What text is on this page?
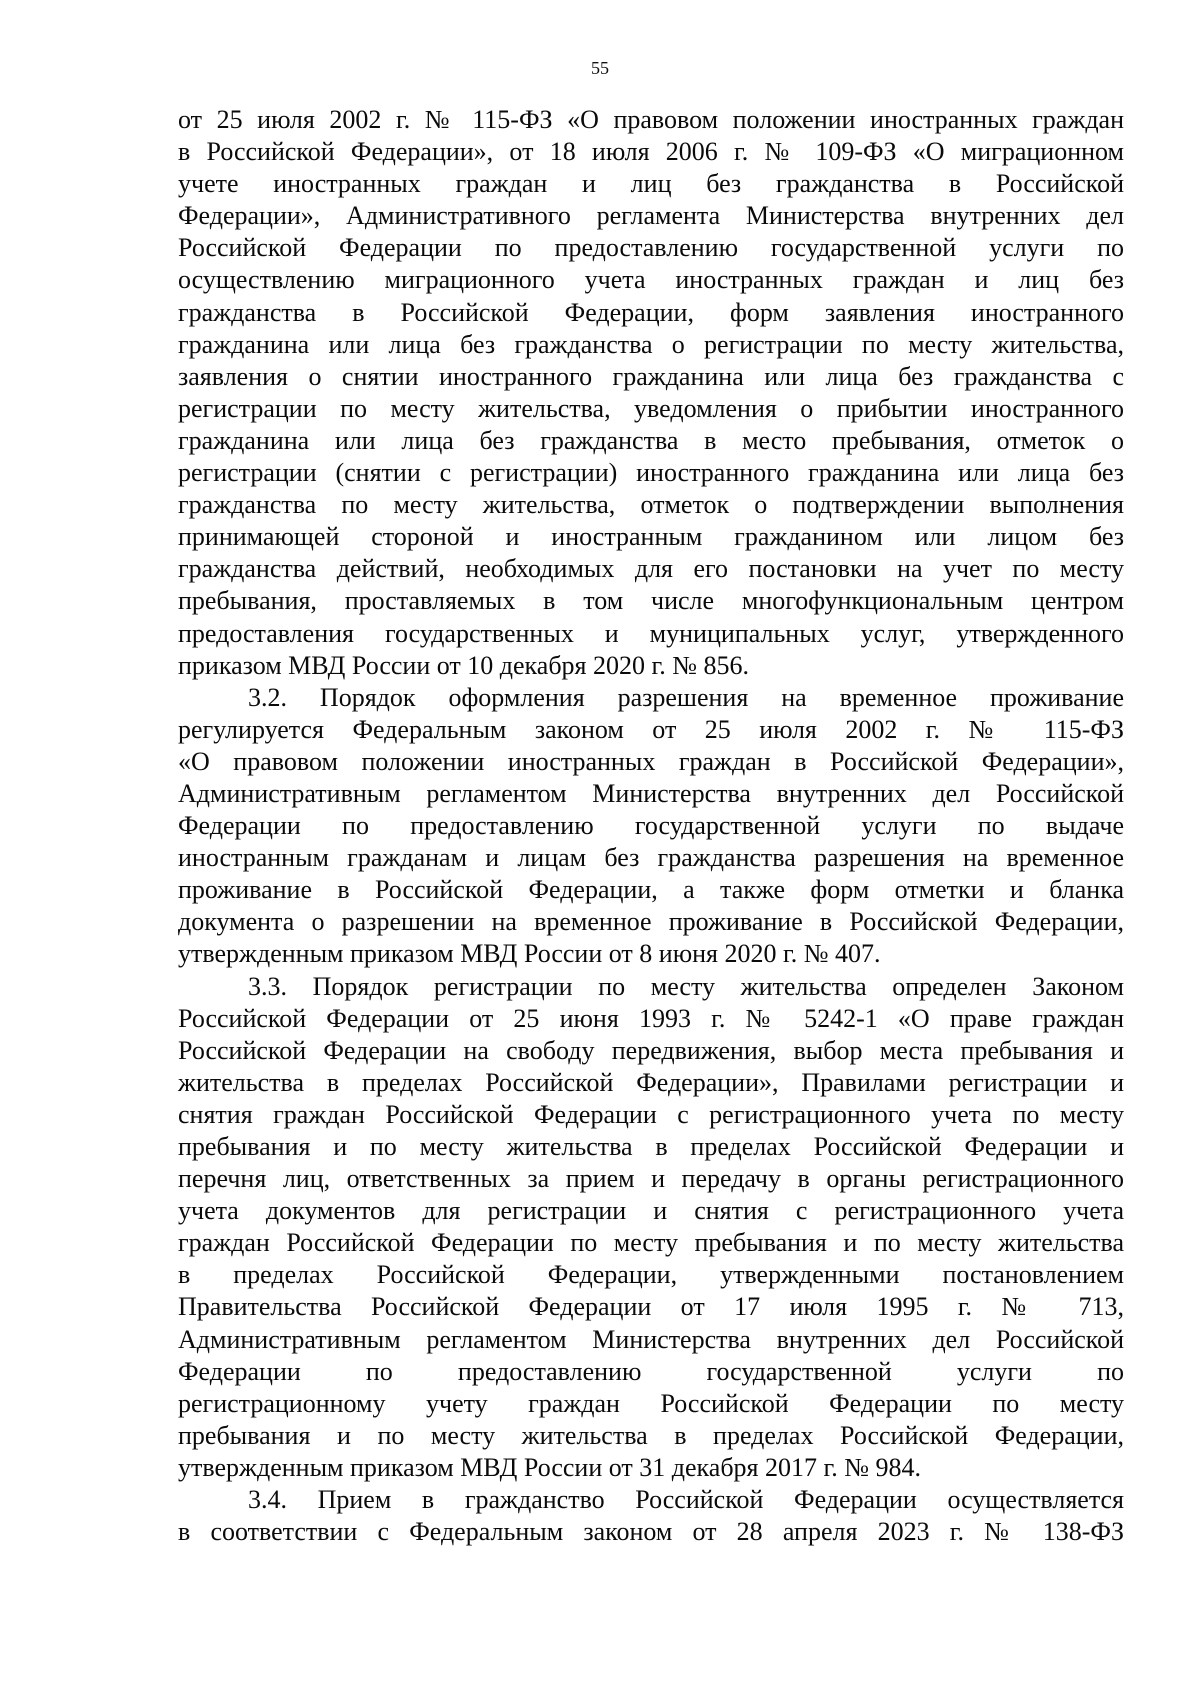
55
от 25 июля 2002 г. № 115-ФЗ «О правовом положении иностранных граждан
в Российской Федерации», от 18 июля 2006 г. № 109-ФЗ «О миграционном
учете иностранных граждан и лиц без гражданства в Российской
Федерации», Административного регламента Министерства внутренних дел
Российской Федерации по предоставлению государственной услуги по
осуществлению миграционного учета иностранных граждан и лиц без
гражданства в Российской Федерации, форм заявления иностранного
гражданина или лица без гражданства о регистрации по месту жительства,
заявления о снятии иностранного гражданина или лица без гражданства с
регистрации по месту жительства, уведомления о прибытии иностранного
гражданина или лица без гражданства в место пребывания, отметок о
регистрации (снятии с регистрации) иностранного гражданина или лица без
гражданства по месту жительства, отметок о подтверждении выполнения
принимающей стороной и иностранным гражданином или лицом без
гражданства действий, необходимых для его постановки на учет по месту
пребывания, проставляемых в том числе многофункциональным центром
предоставления государственных и муниципальных услуг, утвержденного
приказом МВД России от 10 декабря 2020 г. № 856.
3.2. Порядок оформления разрешения на временное проживание
регулируется Федеральным законом от 25 июля 2002 г. № 115-ФЗ
«О правовом положении иностранных граждан в Российской Федерации»,
Административным регламентом Министерства внутренних дел Российской
Федерации по предоставлению государственной услуги по выдаче
иностранным гражданам и лицам без гражданства разрешения на временное
проживание в Российской Федерации, а также форм отметки и бланка
документа о разрешении на временное проживание в Российской Федерации,
утвержденным приказом МВД России от 8 июня 2020 г. № 407.
3.3. Порядок регистрации по месту жительства определен Законом
Российской Федерации от 25 июня 1993 г. № 5242-1 «О праве граждан
Российской Федерации на свободу передвижения, выбор места пребывания и
жительства в пределах Российской Федерации», Правилами регистрации и
снятия граждан Российской Федерации с регистрационного учета по месту
пребывания и по месту жительства в пределах Российской Федерации и
перечня лиц, ответственных за прием и передачу в органы регистрационного
учета документов для регистрации и снятия с регистрационного учета
граждан Российской Федерации по месту пребывания и по месту жительства
в пределах Российской Федерации, утвержденными постановлением
Правительства Российской Федерации от 17 июля 1995 г. № 713,
Административным регламентом Министерства внутренних дел Российской
Федерации по предоставлению государственной услуги по
регистрационному учету граждан Российской Федерации по месту
пребывания и по месту жительства в пределах Российской Федерации,
утвержденным приказом МВД России от 31 декабря 2017 г. № 984.
3.4. Прием в гражданство Российской Федерации осуществляется
в соответствии с Федеральным законом от 28 апреля 2023 г. № 138-ФЗ
